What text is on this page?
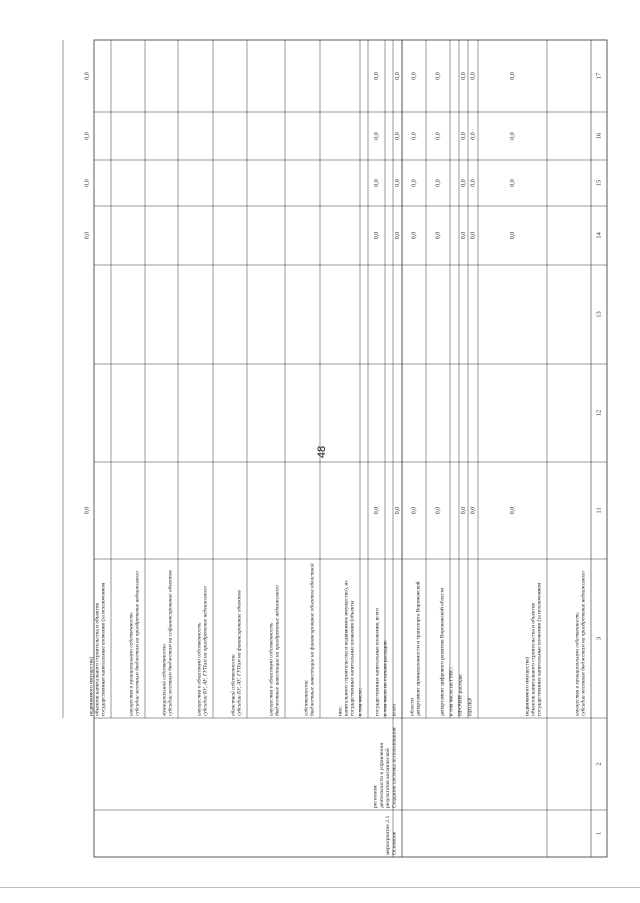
48
1
2
3
11
12
13
14
15
16
17
Основное
мероприятие 2.1
Создание системы использования
результатов космической
деятельности в управлении
регионом
субсидии местным бюджетам на приобретение недвижимого
имущества в муниципальную собственность
государственные капитальные вложения (за исключением
объектов капитального строительства и объектов
недвижимого имущества)
0,0
0,0
0,0
0,0
0,0
НИОКР
0,0
0,0
0,0
0,0
0,0
ПРОЧИЕ расходы
0,0
0,0
0,0
0,0
0,0
в том числе по ГРБС:
департамент цифрового развития Воронежской области
0,0
0,0
0,0
0,0
0,0
департамент промышленности и транспорта Воронежской
области
0,0
0,0
0,0
0,0
0,0
всего
0,0
0,0
0,0
0,0
0,0
в том числе по статьям расходов:
государственные капитальные вложения, всего
0,0
0,0
0,0
0,0
0,0
в том числе:
государственные капитальные вложения (объекты
капитального строительства и недвижимое имущество), из
них:
бюджетные инвестиции на финансирование объектов областной
собственности
бюджетные инвестиции на приобретение недвижимого
имущества в областную собственность
субсидии БУ, АУ, ГУПам на финансирование объектов
областной собственности
субсидии БУ, АУ, ГУПам на приобретение недвижимого
имущества в областную собственность
субсидии местным бюджетам на софинансирование объектов
муниципальной собственности
субсидии местным бюджетам на приобретение недвижимого
имущества в муниципальную собственность
государственные капитальные вложения (за исключением
объектов капитального строительства и объектов
недвижимого имущества)
0,0
0,0
0,0
0,0
0,0
